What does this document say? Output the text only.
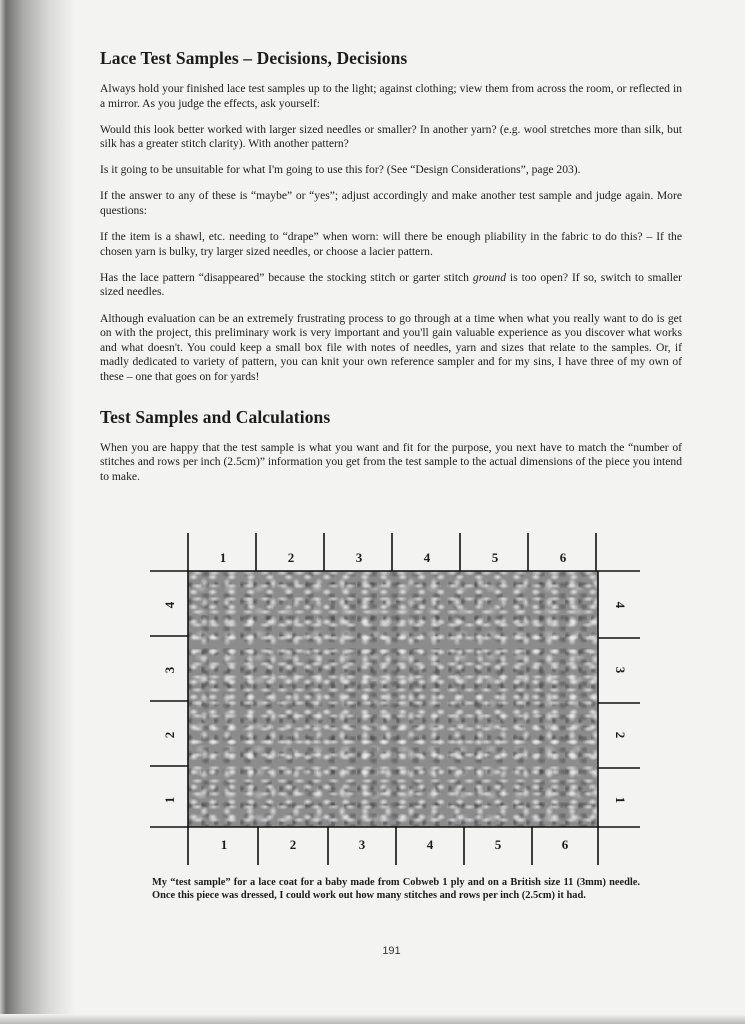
Lace Test Samples – Decisions, Decisions

Always hold your finished lace test samples up to the light; against clothing; view them from across the room, or reflected in a mirror. As you judge the effects, ask yourself:

Would this look better worked with larger sized needles or smaller? In another yarn? (e.g. wool stretches more than silk, but silk has a greater stitch clarity). With another pattern?

Is it going to be unsuitable for what I'm going to use this for? (See “Design Considerations”, page 203).

If the answer to any of these is “maybe” or “yes”; adjust accordingly and make another test sample and judge again. More questions:

If the item is a shawl, etc. needing to “drape” when worn: will there be enough pliability in the fabric to do this? – If the chosen yarn is bulky, try larger sized needles, or choose a lacier pattern.

Has the lace pattern “disappeared” because the stocking stitch or garter stitch ground is too open? If so, switch to smaller sized needles.

Although evaluation can be an extremely frustrating process to go through at a time when what you really want to do is get on with the project, this preliminary work is very important and you'll gain valuable experience as you discover what works and what doesn't. You could keep a small box file with notes of needles, yarn and sizes that relate to the samples. Or, if madly dedicated to variety of pattern, you can knit your own reference sampler and for my sins, I have three of my own of these – one that goes on for yards!

Test Samples and Calculations

When you are happy that the test sample is what you want and fit for the purpose, you next have to match the “number of stitches and rows per inch (2.5cm)” information you get from the test sample to the actual dimensions of the piece you intend to make.

1	2	3	4	5	6
1	2	3	4	5	6
4
3
2
1
4
3
2
1
My “test sample” for a lace coat for a baby made from Cobweb 1 ply and on a British size 11 (3mm) needle. Once this piece was dressed, I could work out how many stitches and rows per inch (2.5cm) it had.
191
